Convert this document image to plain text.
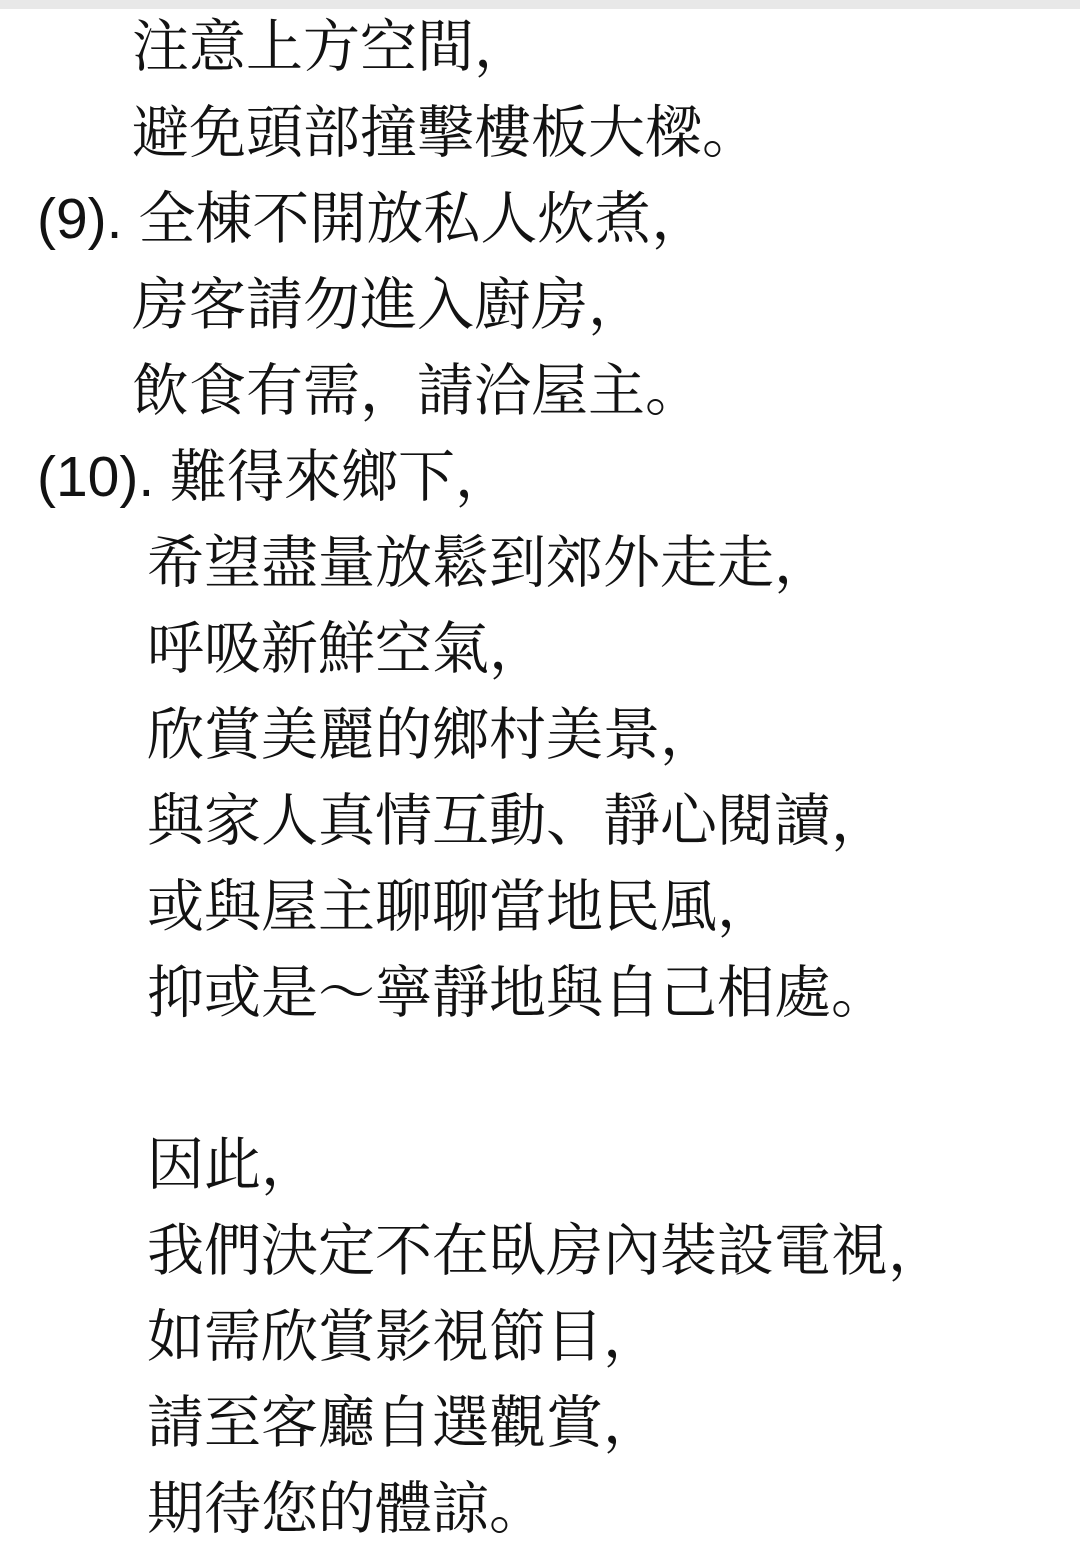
注意上方空間，
避免頭部撞擊樓板大樑。
(9). 全棟不開放私人炊煮，
房客請勿進入廚房，
飲食有需，請洽屋主。
(10). 難得來鄉下，
希望盡量放鬆到郊外走走，
呼吸新鮮空氣，
欣賞美麗的鄉村美景，
與家人真情互動、靜心閱讀，
或與屋主聊聊當地民風，
抑或是～寧靜地與自己相處。
因此，
我們決定不在臥房內裝設電視，
如需欣賞影視節目，
請至客廳自選觀賞，
期待您的體諒。
